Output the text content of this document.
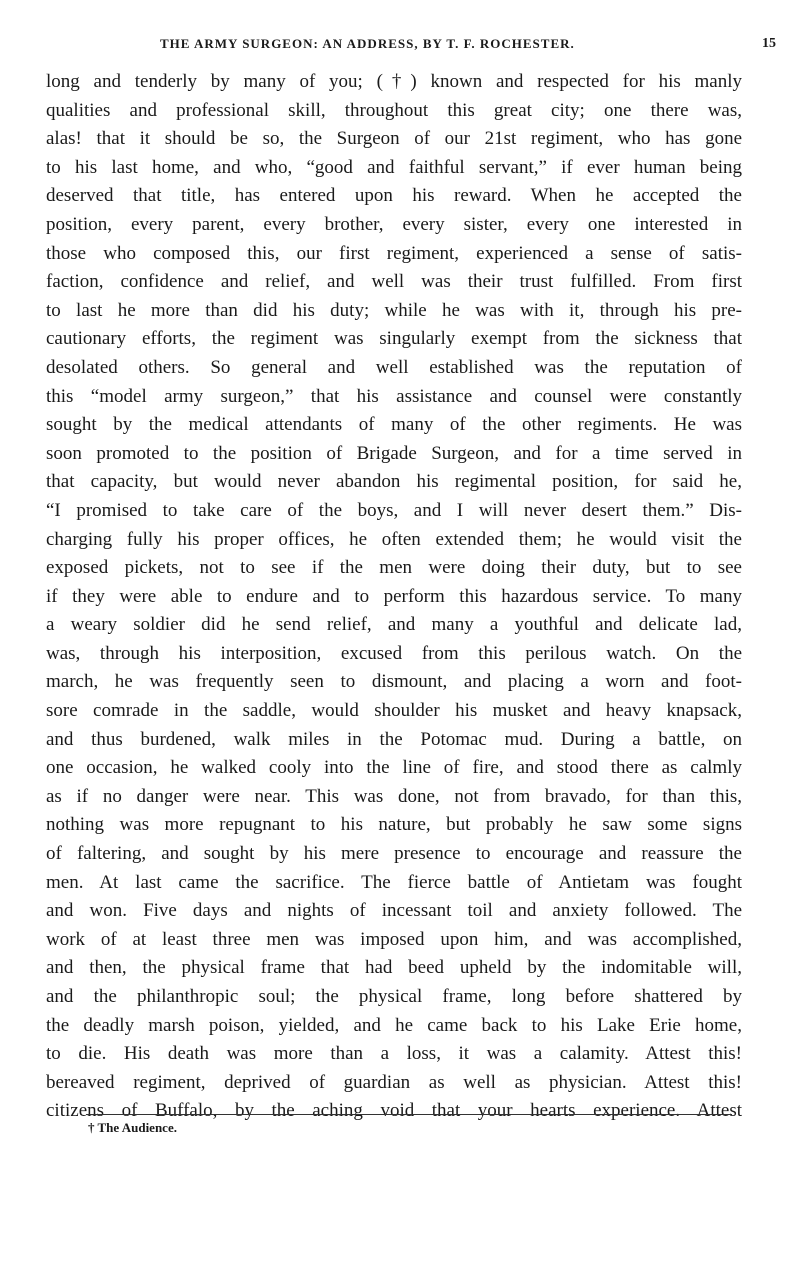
THE ARMY SURGEON: AN ADDRESS, BY T. F. ROCHESTER.	15
long and tenderly by many of you; (†) known and respected for his manly
qualities and professional skill, throughout this great city; one there was,
alas! that it should be so, the Surgeon of our 21st regiment, who has gone
to his last home, and who, “good and faithful servant,” if ever human being
deserved that title, has entered upon his reward. When he accepted the
position, every parent, every brother, every sister, every one interested in
those who composed this, our first regiment, experienced a sense of satis-
faction, confidence and relief, and well was their trust fulfilled. From first
to last he more than did his duty; while he was with it, through his pre-
cautionary efforts, the regiment was singularly exempt from the sickness that
desolated others. So general and well established was the reputation of
this “model army surgeon,” that his assistance and counsel were constantly
sought by the medical attendants of many of the other regiments. He was
soon promoted to the position of Brigade Surgeon, and for a time served in
that capacity, but would never abandon his regimental position, for said he,
“I promised to take care of the boys, and I will never desert them.” Dis-
charging fully his proper offices, he often extended them; he would visit the
exposed pickets, not to see if the men were doing their duty, but to see
if they were able to endure and to perform this hazardous service. To many
a weary soldier did he send relief, and many a youthful and delicate lad,
was, through his interposition, excused from this perilous watch. On the
march, he was frequently seen to dismount, and placing a worn and foot-
sore comrade in the saddle, would shoulder his musket and heavy knapsack,
and thus burdened, walk miles in the Potomac mud. During a battle, on
one occasion, he walked cooly into the line of fire, and stood there as calmly
as if no danger were near. This was done, not from bravado, for than this,
nothing was more repugnant to his nature, but probably he saw some signs
of faltering, and sought by his mere presence to encourage and reassure the
men. At last came the sacrifice. The fierce battle of Antietam was fought
and won. Five days and nights of incessant toil and anxiety followed. The
work of at least three men was imposed upon him, and was accomplished,
and then, the physical frame that had beed upheld by the indomitable will,
and the philanthropic soul; the physical frame, long before shattered by
the deadly marsh poison, yielded, and he came back to his Lake Erie home,
to die. His death was more than a loss, it was a calamity. Attest this!
bereaved regiment, deprived of guardian as well as physician. Attest this!
citizens of Buffalo, by the aching void that your hearts experience. Attest
† The Audience.
